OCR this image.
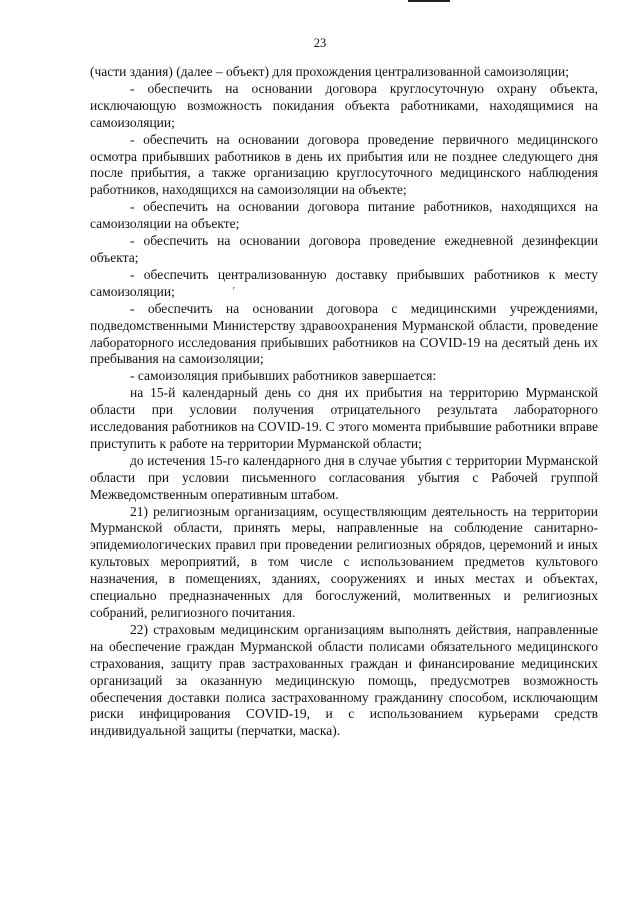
23

(части здания) (далее – объект) для прохождения централизованной самоизоляции;

- обеспечить на основании договора круглосуточную охрану объекта, исключающую возможность покидания объекта работниками, находящимися на самоизоляции;

- обеспечить на основании договора проведение первичного медицинского осмотра прибывших работников в день их прибытия или не позднее следующего дня после прибытия, а также организацию круглосуточного медицинского наблюдения работников, находящихся на самоизоляции на объекте;

- обеспечить на основании договора питание работников, находящихся на самоизоляции на объекте;

- обеспечить на основании договора проведение ежедневной дезинфекции объекта;

- обеспечить централизованную доставку прибывших работников к месту самоизоляции;	'

- обеспечить на основании договора с медицинскими учреждениями, подведомственными Министерству здравоохранения Мурманской области, проведение лабораторного исследования прибывших работников на COVID-19 на десятый день их пребывания на самоизоляции;

- самоизоляция прибывших работников завершается:

на 15-й календарный день со дня их прибытия на территорию Мурманской области при условии получения отрицательного результата лабораторного исследования работников на COVID-19. С этого момента прибывшие работники вправе приступить к работе на территории Мурманской области;

до истечения 15-го календарного дня в случае убытия с территории Мурманской области при условии письменного согласования убытия с Рабочей группой Межведомственным оперативным штабом.

21) религиозным организациям, осуществляющим деятельность на территории Мурманской области, принять меры, направленные на соблюдение санитарно-эпидемиологических правил при проведении религиозных обрядов, церемоний и иных культовых мероприятий, в том числе с использованием предметов культового назначения, в помещениях, зданиях, сооружениях и иных местах и объектах, специально предназначенных для богослужений, молитвенных и религиозных собраний, религиозного почитания.

22) страховым медицинским организациям выполнять действия, направленные на обеспечение граждан Мурманской области полисами обязательного медицинского страхования, защиту прав застрахованных граждан и финансирование медицинских организаций за оказанную медицинскую помощь, предусмотрев возможность обеспечения доставки полиса застрахованному гражданину способом, исключающим риски инфицирования COVID-19, и с использованием курьерами средств индивидуальной защиты (перчатки, маска).
